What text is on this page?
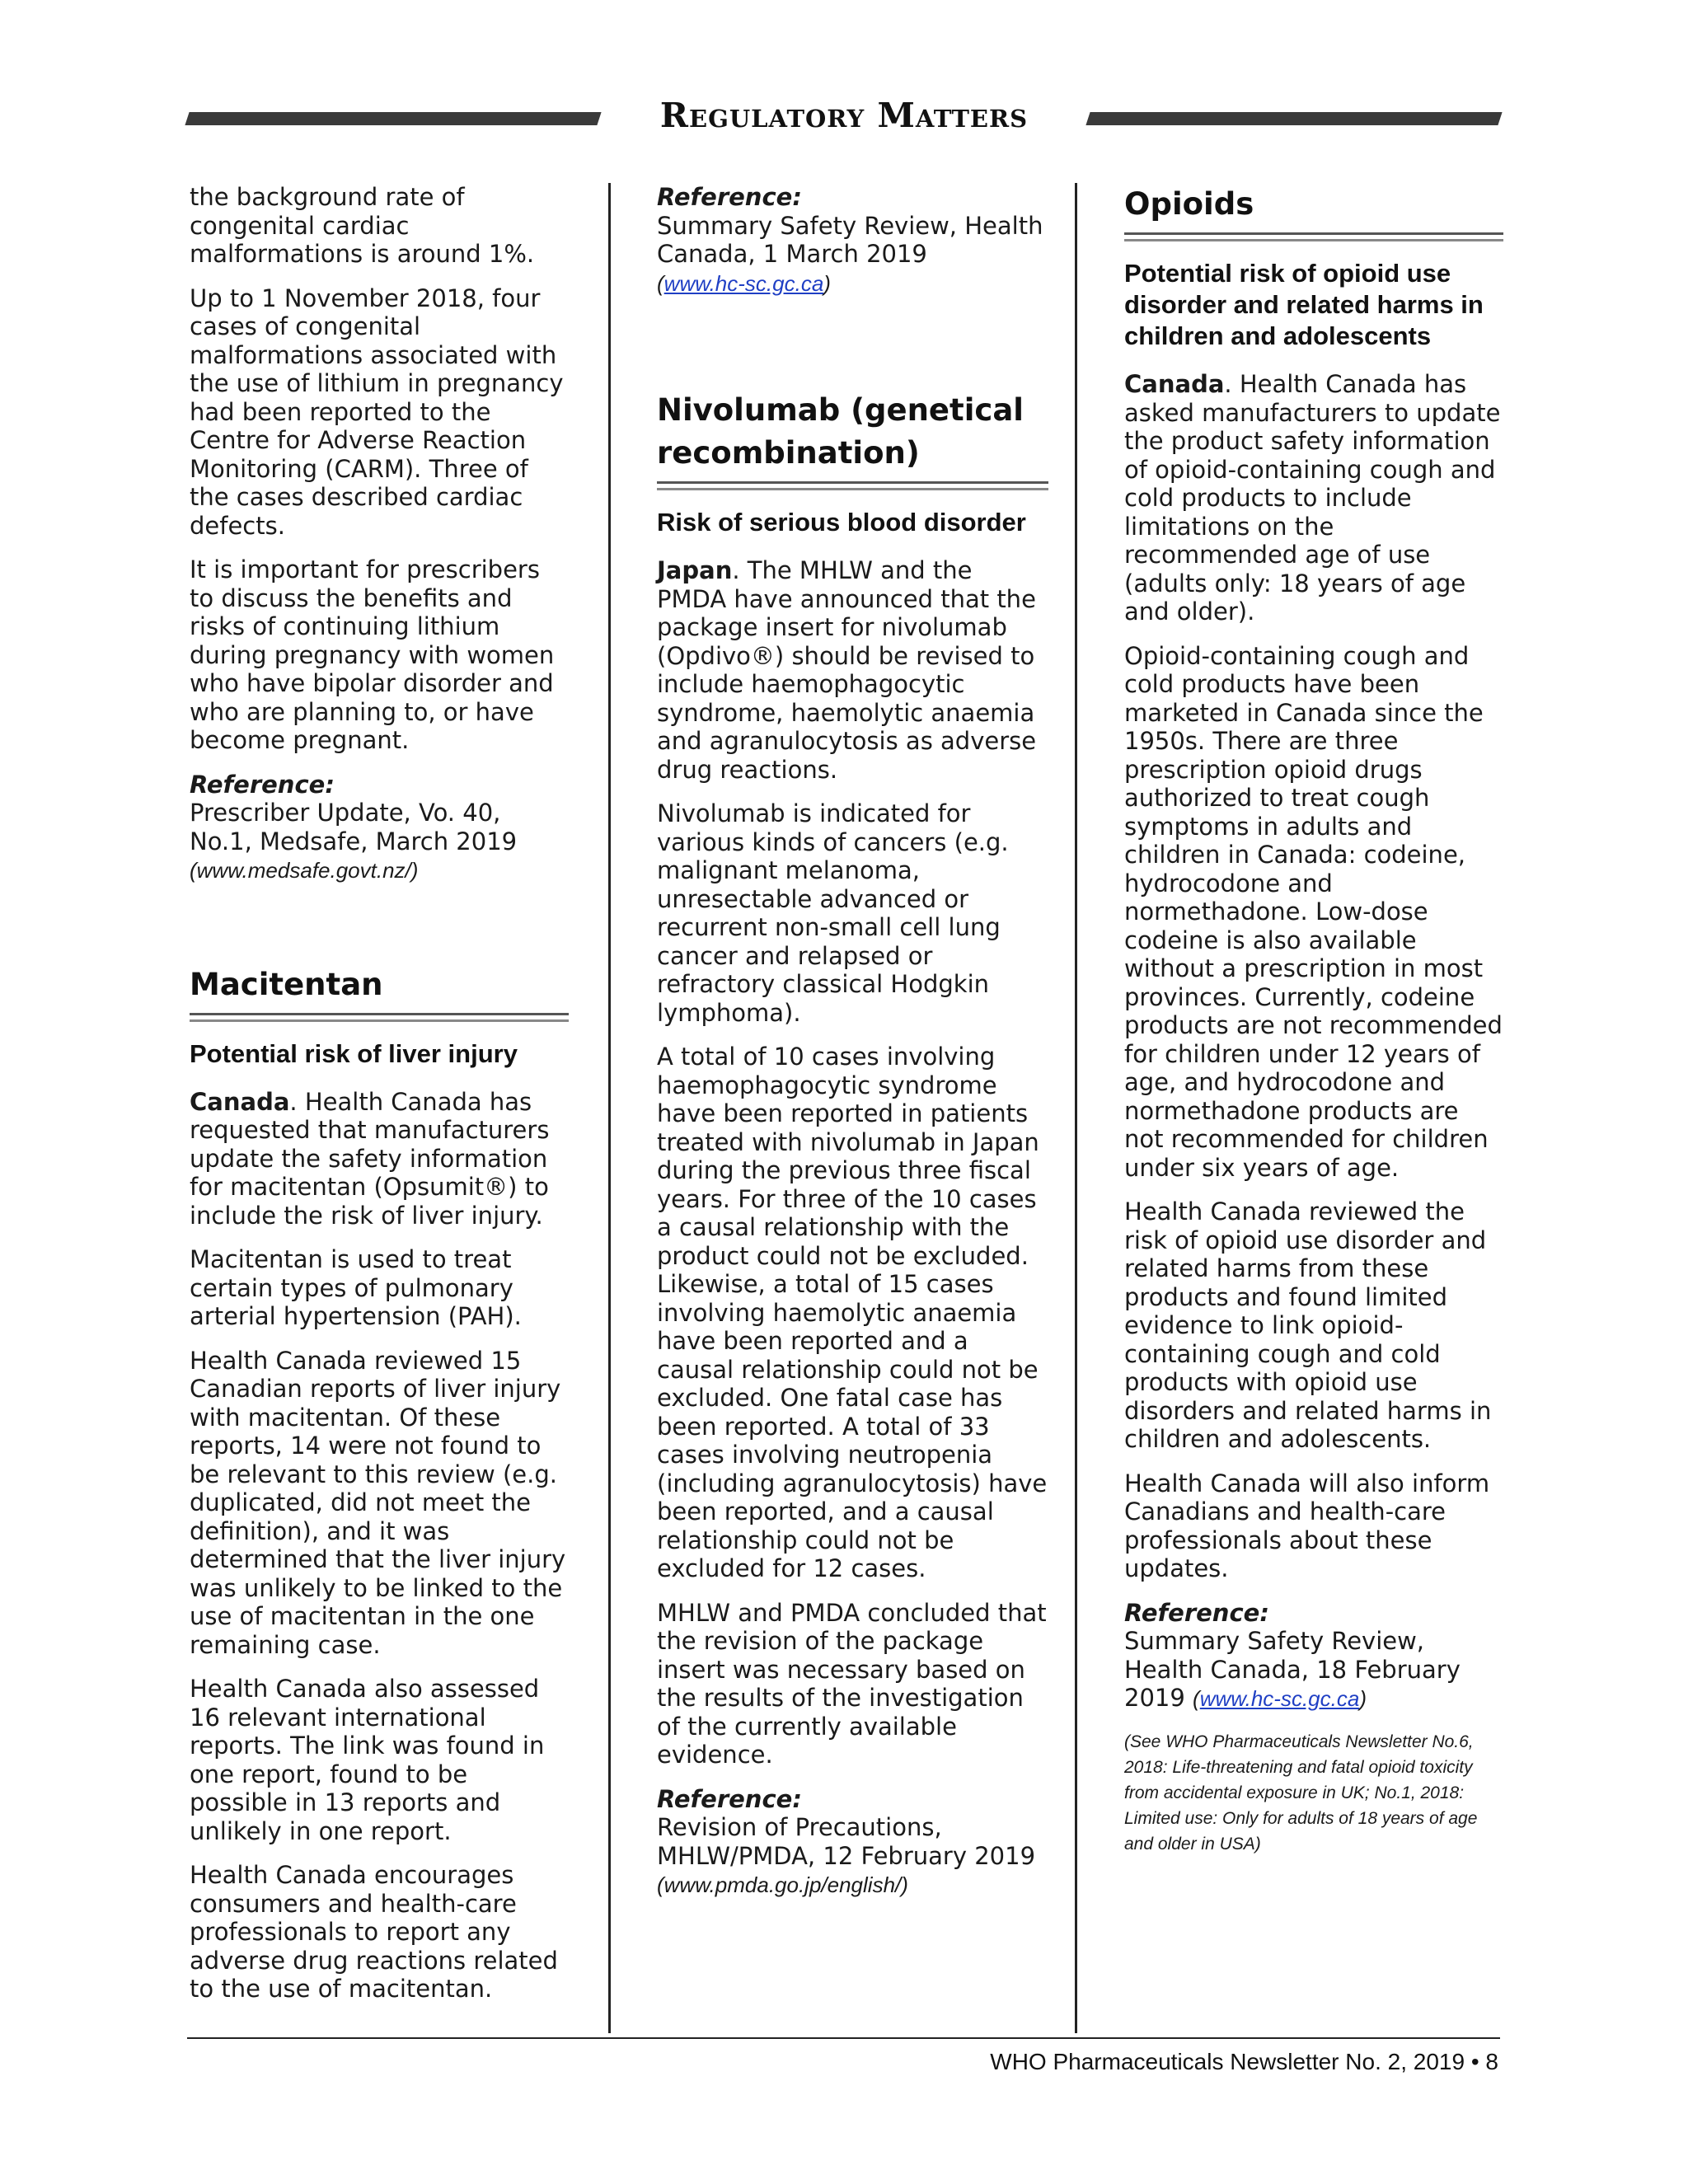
Regulatory Matters

the background rate of congenital cardiac malformations is around 1%.

Up to 1 November 2018, four cases of congenital malformations associated with the use of lithium in pregnancy had been reported to the Centre for Adverse Reaction Monitoring (CARM). Three of the cases described cardiac defects.

It is important for prescribers to discuss the benefits and risks of continuing lithium during pregnancy with women who have bipolar disorder and who are planning to, or have become pregnant.

Reference:
Prescriber Update, Vo. 40, No.1, Medsafe, March 2019
(www.medsafe.govt.nz/)

Macitentan
Potential risk of liver injury

Canada. Health Canada has requested that manufacturers update the safety information for macitentan (Opsumit®) to include the risk of liver injury.

Macitentan is used to treat certain types of pulmonary arterial hypertension (PAH).

Health Canada reviewed 15 Canadian reports of liver injury with macitentan. Of these reports, 14 were not found to be relevant to this review (e.g. duplicated, did not meet the definition), and it was determined that the liver injury was unlikely to be linked to the use of macitentan in the one remaining case.

Health Canada also assessed 16 relevant international reports. The link was found in one report, found to be possible in 13 reports and unlikely in one report.

Health Canada encourages consumers and health-care professionals to report any adverse drug reactions related to the use of macitentan.

Reference:
Summary Safety Review, Health Canada, 1 March 2019
(www.hc-sc.gc.ca)

Nivolumab (genetical recombination)
Risk of serious blood disorder

Japan. The MHLW and the PMDA have announced that the package insert for nivolumab (Opdivo®) should be revised to include haemophagocytic syndrome, haemolytic anaemia and agranulocytosis as adverse drug reactions.

Nivolumab is indicated for various kinds of cancers (e.g. malignant melanoma, unresectable advanced or recurrent non-small cell lung cancer and relapsed or refractory classical Hodgkin lymphoma).

A total of 10 cases involving haemophagocytic syndrome have been reported in patients treated with nivolumab in Japan during the previous three fiscal years. For three of the 10 cases a causal relationship with the product could not be excluded. Likewise, a total of 15 cases involving haemolytic anaemia have been reported and a causal relationship could not be excluded. One fatal case has been reported. A total of 33 cases involving neutropenia (including agranulocytosis) have been reported, and a causal relationship could not be excluded for 12 cases.

MHLW and PMDA concluded that the revision of the package insert was necessary based on the results of the investigation of the currently available evidence.

Reference:
Revision of Precautions, MHLW/PMDA, 12 February 2019 (www.pmda.go.jp/english/)

Opioids
Potential risk of opioid use disorder and related harms in children and adolescents

Canada. Health Canada has asked manufacturers to update the product safety information of opioid-containing cough and cold products to include limitations on the recommended age of use (adults only: 18 years of age and older).

Opioid-containing cough and cold products have been marketed in Canada since the 1950s. There are three prescription opioid drugs authorized to treat cough symptoms in adults and children in Canada: codeine, hydrocodone and normethadone. Low-dose codeine is also available without a prescription in most provinces. Currently, codeine products are not recommended for children under 12 years of age, and hydrocodone and normethadone products are not recommended for children under six years of age.

Health Canada reviewed the risk of opioid use disorder and related harms from these products and found limited evidence to link opioid-containing cough and cold products with opioid use disorders and related harms in children and adolescents.

Health Canada will also inform Canadians and health-care professionals about these updates.

Reference:
Summary Safety Review, Health Canada, 18 February 2019 (www.hc-sc.gc.ca)

(See WHO Pharmaceuticals Newsletter No.6, 2018: Life-threatening and fatal opioid toxicity from accidental exposure in UK; No.1, 2018: Limited use: Only for adults of 18 years of age and older in USA)
WHO Pharmaceuticals Newsletter No. 2, 2019 • 8
